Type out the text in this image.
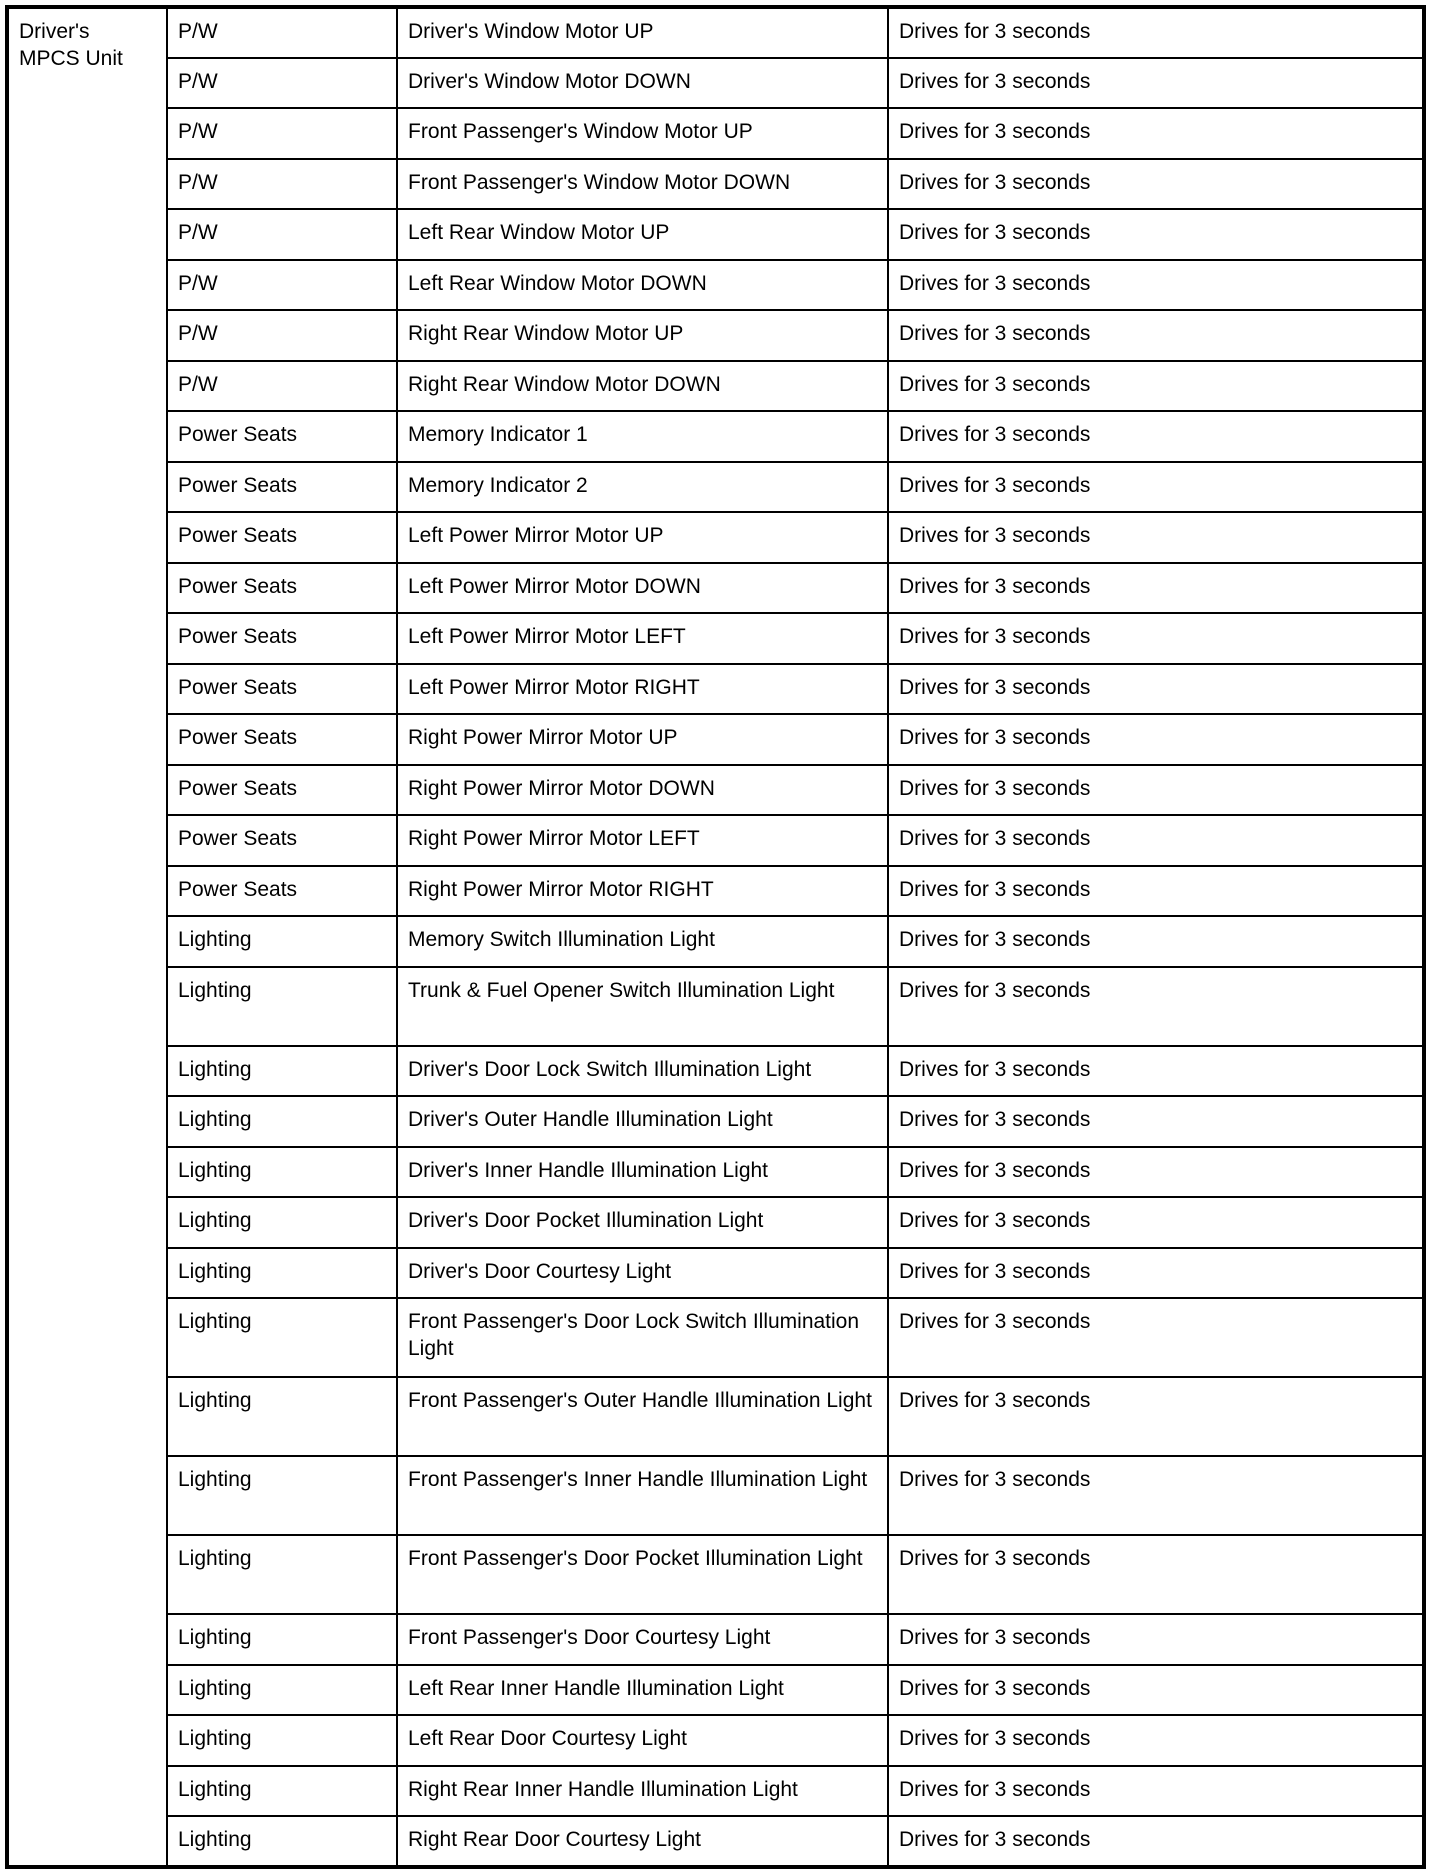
Driver's MPCS Unit	P/W	Driver's Window Motor UP	Drives for 3 seconds
	P/W	Driver's Window Motor DOWN	Drives for 3 seconds
	P/W	Front Passenger's Window Motor UP	Drives for 3 seconds
	P/W	Front Passenger's Window Motor DOWN	Drives for 3 seconds
	P/W	Left Rear Window Motor UP	Drives for 3 seconds
	P/W	Left Rear Window Motor DOWN	Drives for 3 seconds
	P/W	Right Rear Window Motor UP	Drives for 3 seconds
	P/W	Right Rear Window Motor DOWN	Drives for 3 seconds
	Power Seats	Memory Indicator 1	Drives for 3 seconds
	Power Seats	Memory Indicator 2	Drives for 3 seconds
	Power Seats	Left Power Mirror Motor UP	Drives for 3 seconds
	Power Seats	Left Power Mirror Motor DOWN	Drives for 3 seconds
	Power Seats	Left Power Mirror Motor LEFT	Drives for 3 seconds
	Power Seats	Left Power Mirror Motor RIGHT	Drives for 3 seconds
	Power Seats	Right Power Mirror Motor UP	Drives for 3 seconds
	Power Seats	Right Power Mirror Motor DOWN	Drives for 3 seconds
	Power Seats	Right Power Mirror Motor LEFT	Drives for 3 seconds
	Power Seats	Right Power Mirror Motor RIGHT	Drives for 3 seconds
	Lighting	Memory Switch Illumination Light	Drives for 3 seconds
	Lighting	Trunk & Fuel Opener Switch Illumination Light	Drives for 3 seconds
	Lighting	Driver's Door Lock Switch Illumination Light	Drives for 3 seconds
	Lighting	Driver's Outer Handle Illumination Light	Drives for 3 seconds
	Lighting	Driver's Inner Handle Illumination Light	Drives for 3 seconds
	Lighting	Driver's Door Pocket Illumination Light	Drives for 3 seconds
	Lighting	Driver's Door Courtesy Light	Drives for 3 seconds
	Lighting	Front Passenger's Door Lock Switch Illumination Light	Drives for 3 seconds
	Lighting	Front Passenger's Outer Handle Illumination Light	Drives for 3 seconds
	Lighting	Front Passenger's Inner Handle Illumination Light	Drives for 3 seconds
	Lighting	Front Passenger's Door Pocket Illumination Light	Drives for 3 seconds
	Lighting	Front Passenger's Door Courtesy Light	Drives for 3 seconds
	Lighting	Left Rear Inner Handle Illumination Light	Drives for 3 seconds
	Lighting	Left Rear Door Courtesy Light	Drives for 3 seconds
	Lighting	Right Rear Inner Handle Illumination Light	Drives for 3 seconds
	Lighting	Right Rear Door Courtesy Light	Drives for 3 seconds
